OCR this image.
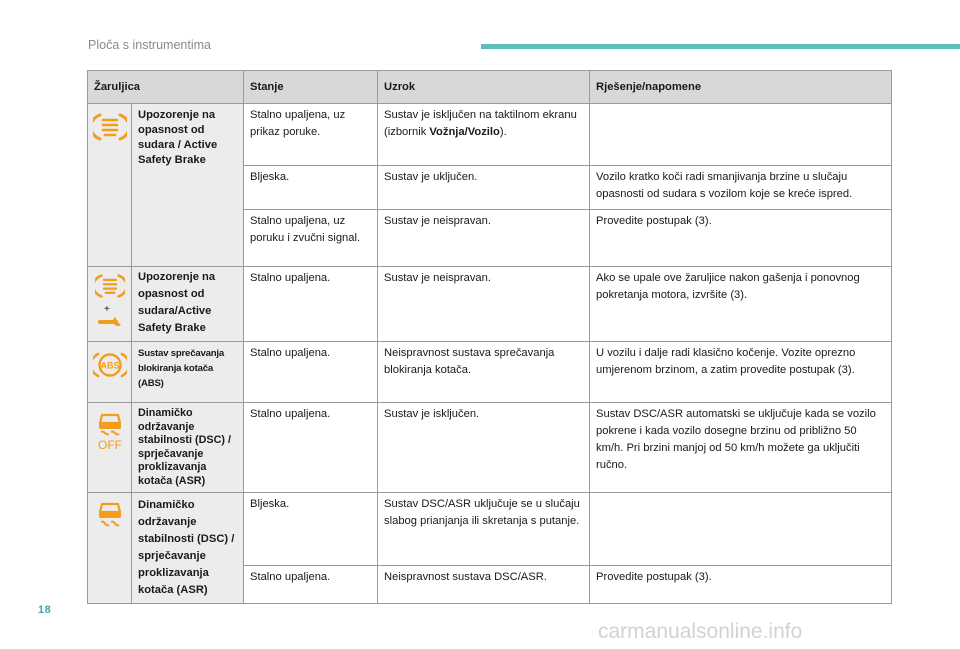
Ploča s instrumentima
Žaruljica		Stanje	Uzrok	Rješenje/napomene

	Upozorenje na opasnost od sudara / Active Safety Brake	Stalno upaljena, uz prikaz poruke.	Sustav je isključen na taktilnom ekranu (izbornik Vožnja/Vozilo).	
		Bljeska.	Sustav je uključen.	Vozilo kratko koči radi smanjivanja brzine u slučaju opasnosti od sudara s vozilom koje se kreće ispred.
		Stalno upaljena, uz poruku i zvučni signal.	Sustav je neispravan.	Provedite postupak (3).

+	Upozorenje na opasnost od sudara/Active Safety Brake	Stalno upaljena.	Sustav je neispravan.	Ako se upale ove žaruljice nakon gašenja i ponovnog pokretanja motora, izvršite (3).

ABS	Sustav sprečavanja blokiranja kotača (ABS)	Stalno upaljena.	Neispravnost sustava sprečavanja blokiranja kotača.	U vozilu i dalje radi klasično kočenje. Vozite oprezno umjerenom brzinom, a zatim provedite postupak (3).

OFF	Dinamičko održavanje stabilnosti (DSC) / sprječavanje proklizavanja kotača (ASR)	Stalno upaljena.	Sustav je isključen.	Sustav DSC/ASR automatski se uključuje kada se vozilo pokrene i kada vozilo dosegne brzinu od približno 50 km/h. Pri brzini manjoj od 50 km/h možete ga uključiti ručno.

	Dinamičko održavanje stabilnosti (DSC) / sprječavanje proklizavanja kotača (ASR)	Bljeska.	Sustav DSC/ASR uključuje se u slučaju slabog prianjanja ili skretanja s putanje.	
		Stalno upaljena.	Neispravnost sustava DSC/ASR.	Provedite postupak (3).
18
carmanualsonline.info
